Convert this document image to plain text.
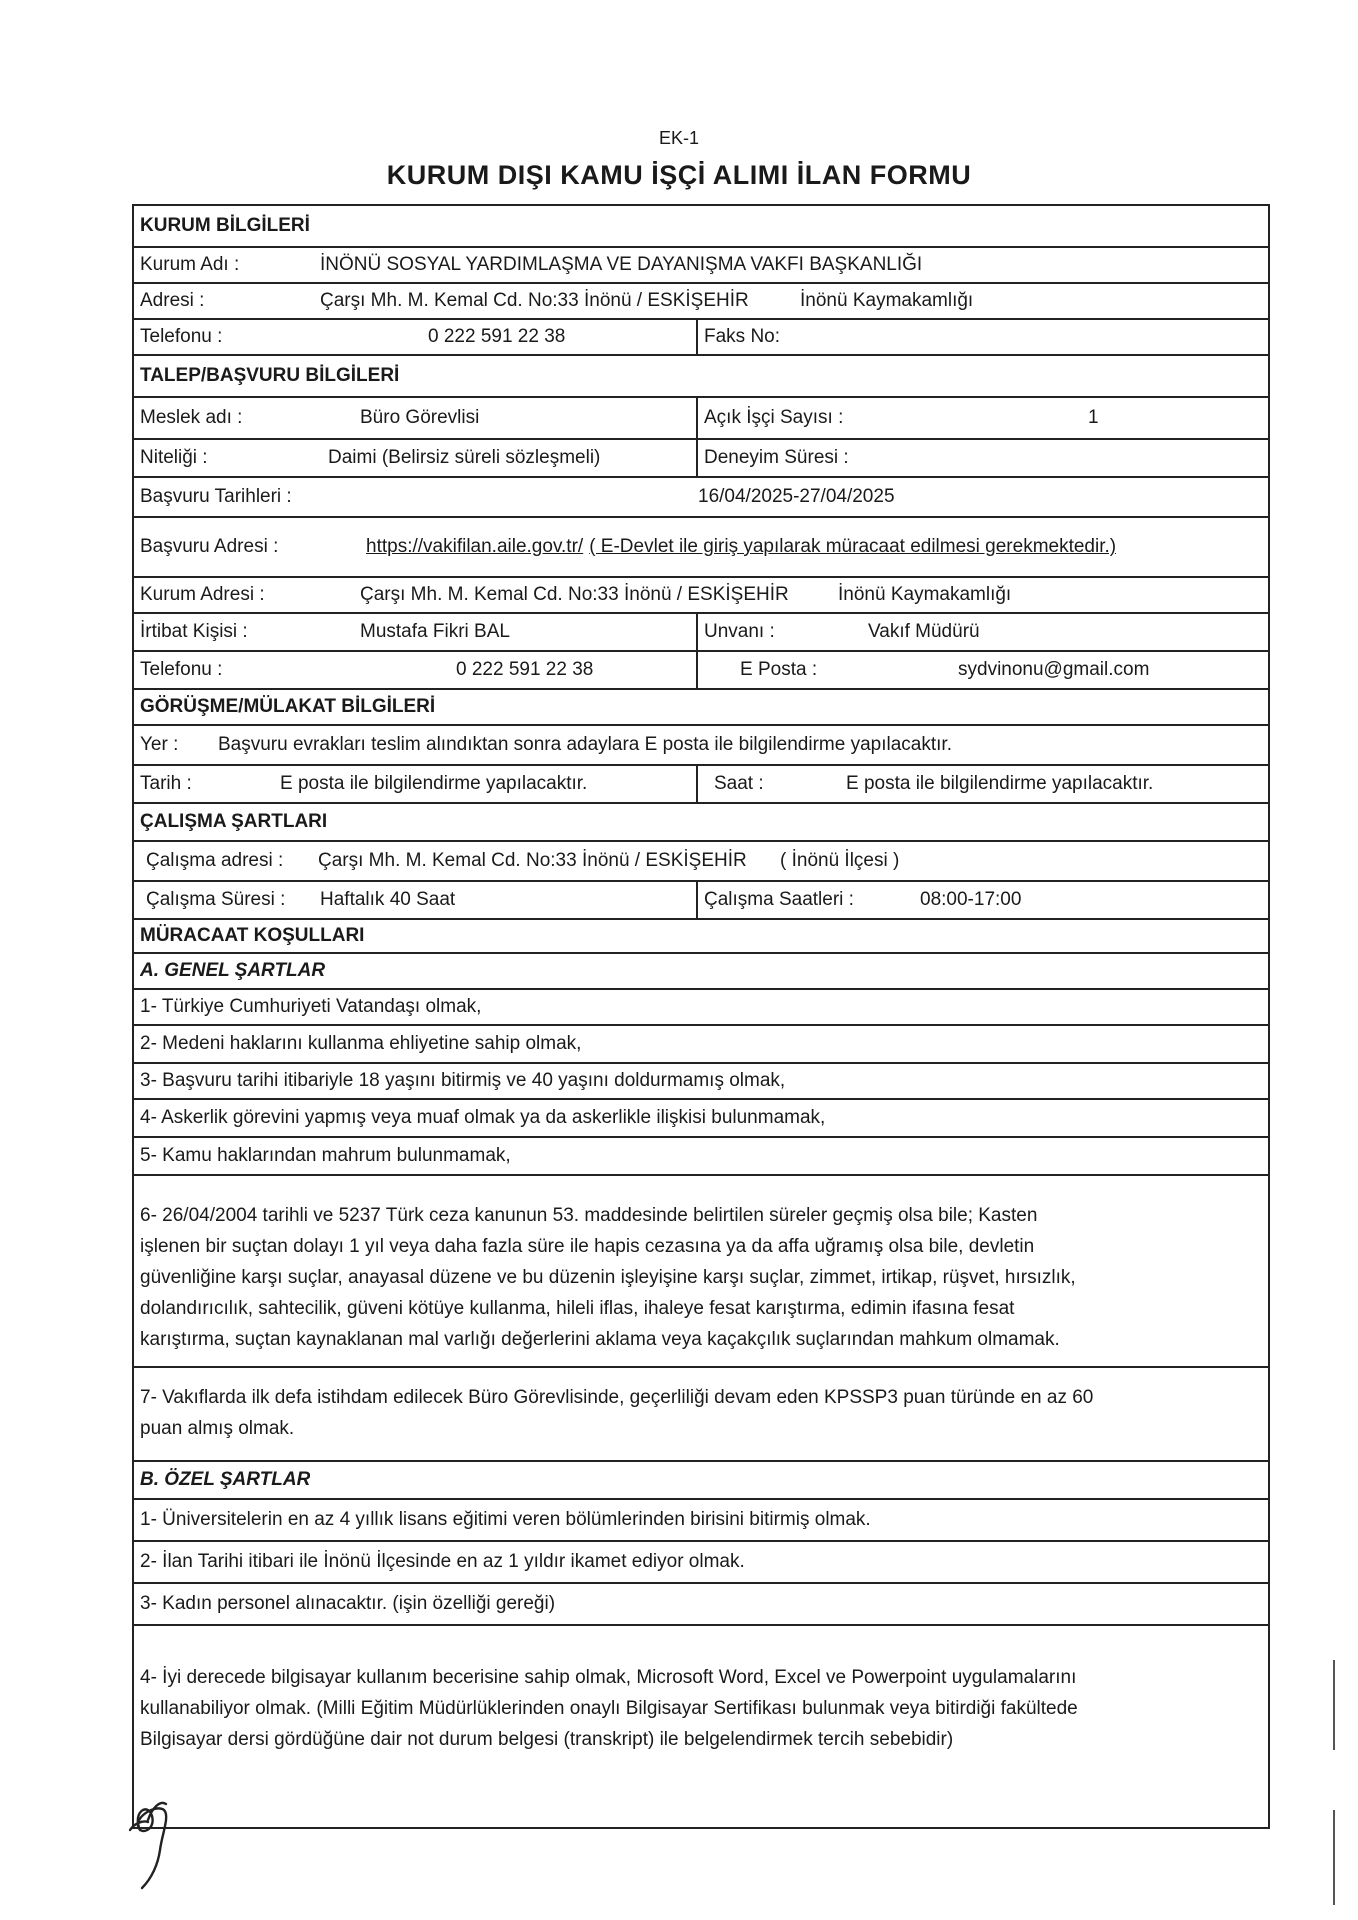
EK-1
KURUM DIŞI KAMU İŞÇİ ALIMI İLAN FORMU
KURUM BİLGİLERİ
Kurum Adı :	İNÖNÜ SOSYAL YARDIMLAŞMA VE DAYANIŞMA VAKFI BAŞKANLIĞI
Adresi :	Çarşı Mh. M. Kemal Cd. No:33 İnönü / ESKİŞEHİR	İnönü Kaymakamlığı
Telefonu :	0 222 591 22 38	Faks No:
TALEP/BAŞVURU BİLGİLERİ
Meslek adı :	Büro Görevlisi	Açık İşçi Sayısı :	1
Niteliği :	Daimi (Belirsiz süreli sözleşmeli)	Deneyim Süresi :
Başvuru Tarihleri :	16/04/2025-27/04/2025
Başvuru Adresi :	https://vakifilan.aile.gov.tr/ ( E-Devlet ile giriş yapılarak müracaat edilmesi gerekmektedir.)
Kurum Adresi :	Çarşı Mh. M. Kemal Cd. No:33 İnönü / ESKİŞEHİR	İnönü Kaymakamlığı
İrtibat Kişisi :	Mustafa Fikri BAL	Unvanı :	Vakıf Müdürü
Telefonu :	0 222 591 22 38	E Posta :	sydvinonu@gmail.com
GÖRÜŞME/MÜLAKAT BİLGİLERİ
Yer : Başvuru evrakları teslim alındıktan sonra adaylara E posta ile bilgilendirme yapılacaktır.
Tarih :	E posta ile bilgilendirme yapılacaktır.	Saat :	E posta ile bilgilendirme yapılacaktır.
ÇALIŞMA ŞARTLARI
Çalışma adresi : Çarşı Mh. M. Kemal Cd. No:33 İnönü / ESKİŞEHİR ( İnönü İlçesi )
Çalışma Süresi : Haftalık 40 Saat	Çalışma Saatleri :	08:00-17:00
MÜRACAAT KOŞULLARI
A. GENEL ŞARTLAR
1- Türkiye Cumhuriyeti Vatandaşı olmak,
2- Medeni haklarını kullanma ehliyetine sahip olmak,
3- Başvuru tarihi itibariyle 18 yaşını bitirmiş ve 40 yaşını doldurmamış olmak,
4- Askerlik görevini yapmış veya muaf olmak ya da askerlikle ilişkisi bulunmamak,
5- Kamu haklarından mahrum bulunmamak,
6- 26/04/2004 tarihli ve 5237 Türk ceza kanunun 53. maddesinde belirtilen süreler geçmiş olsa bile; Kasten
işlenen bir suçtan dolayı 1 yıl veya daha fazla süre ile hapis cezasına ya da affa uğramış olsa bile, devletin
güvenliğine karşı suçlar, anayasal düzene ve bu düzenin işleyişine karşı suçlar, zimmet, irtikap, rüşvet, hırsızlık,
dolandırıcılık, sahtecilik, güveni kötüye kullanma, hileli iflas, ihaleye fesat karıştırma, edimin ifasına fesat
karıştırma, suçtan kaynaklanan mal varlığı değerlerini aklama veya kaçakçılık suçlarından mahkum olmamak.
7- Vakıflarda ilk defa istihdam edilecek Büro Görevlisinde, geçerliliği devam eden KPSSP3 puan türünde en az 60
puan almış olmak.
B. ÖZEL ŞARTLAR
1- Üniversitelerin en az 4 yıllık lisans eğitimi veren bölümlerinden birisini bitirmiş olmak.
2- İlan Tarihi itibari ile İnönü İlçesinde en az 1 yıldır ikamet ediyor olmak.
3- Kadın personel alınacaktır. (işin özelliği gereği)
4- İyi derecede bilgisayar kullanım becerisine sahip olmak, Microsoft Word, Excel ve Powerpoint uygulamalarını
kullanabiliyor olmak. (Milli Eğitim Müdürlüklerinden onaylı Bilgisayar Sertifikası bulunmak veya bitirdiği fakültede
Bilgisayar dersi gördüğüne dair not durum belgesi (transkript) ile belgelendirmek tercih sebebidir)
